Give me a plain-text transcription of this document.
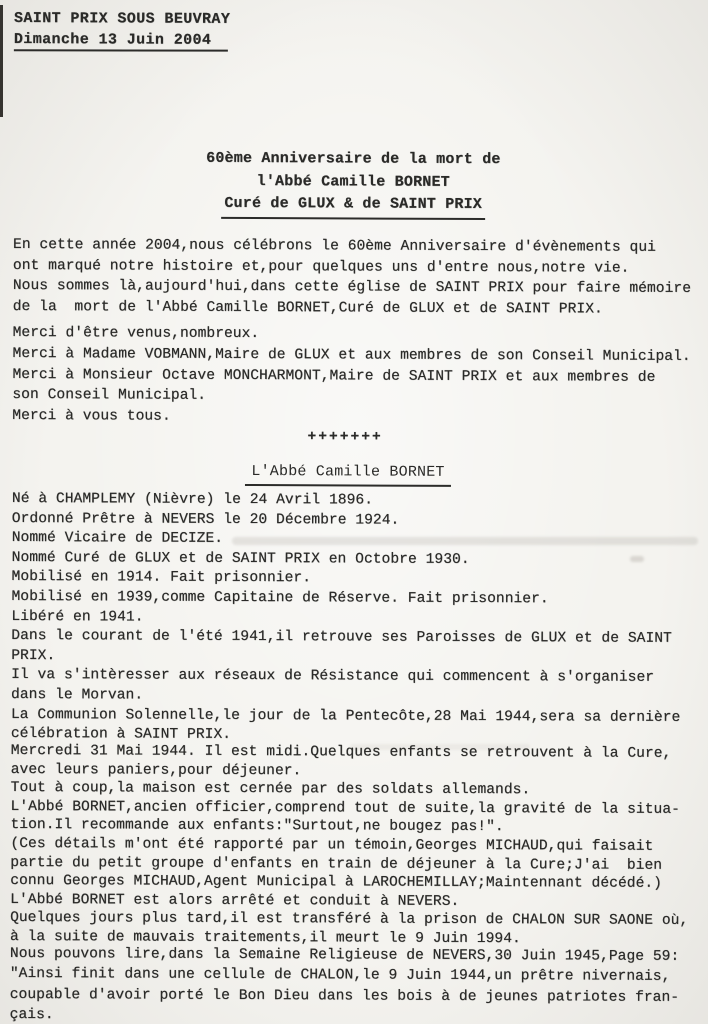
SAINT PRIX SOUS BEUVRAY
Dimanche 13 Juin 2004
60ème Anniversaire de la mort de
l'Abbé Camille BORNET
Curé de GLUX & de SAINT PRIX
En cette année 2004,nous célébrons le 60ème Anniversaire d'évènements qui
ont marqué notre histoire et,pour quelques uns d'entre nous,notre vie.
Nous sommes là,aujourd'hui,dans cette église de SAINT PRIX pour faire mémoire
de la  mort de l'Abbé Camille BORNET,Curé de GLUX et de SAINT PRIX.
Merci d'être venus,nombreux.
Merci à Madame VOBMANN,Maire de GLUX et aux membres de son Conseil Municipal.
Merci à Monsieur Octave MONCHARMONT,Maire de SAINT PRIX et aux membres de
son Conseil Municipal.
Merci à vous tous.
+++++++
L'Abbé Camille BORNET
Né à CHAMPLEMY (Nièvre) le 24 Avril 1896.
Ordonné Prêtre à NEVERS le 20 Décembre 1924.
Nommé Vicaire de DECIZE.
Nommé Curé de GLUX et de SAINT PRIX en Octobre 1930.
Mobilisé en 1914. Fait prisonnier.
Mobilisé en 1939,comme Capitaine de Réserve. Fait prisonnier.
Libéré en 1941.
Dans le courant de l'été 1941,il retrouve ses Paroisses de GLUX et de SAINT
PRIX.
Il va s'intèresser aux réseaux de Résistance qui commencent à s'organiser
dans le Morvan.
La Communion Solennelle,le jour de la Pentecôte,28 Mai 1944,sera sa dernière
célébration à SAINT PRIX.
Mercredi 31 Mai 1944. Il est midi.Quelques enfants se retrouvent à la Cure,
avec leurs paniers,pour déjeuner.
Tout à coup,la maison est cernée par des soldats allemands.
L'Abbé BORNET,ancien officier,comprend tout de suite,la gravité de la situa-
tion.Il recommande aux enfants:"Surtout,ne bougez pas!".
(Ces détails m'ont été rapporté par un témoin,Georges MICHAUD,qui faisait
partie du petit groupe d'enfants en train de déjeuner à la Cure;J'ai  bien
connu Georges MICHAUD,Agent Municipal à LAROCHEMILLAY;Maintennant décédé.)
L'Abbé BORNET est alors arrêté et conduit à NEVERS.
Quelques jours plus tard,il est transféré à la prison de CHALON SUR SAONE où,
à la suite de mauvais traitements,il meurt le 9 Juin 1994.
Nous pouvons lire,dans la Semaine Religieuse de NEVERS,30 Juin 1945,Page 59:
"Ainsi finit dans une cellule de CHALON,le 9 Juin 1944,un prêtre nivernais,
coupable d'avoir porté le Bon Dieu dans les bois à de jeunes patriotes fran-
çais.
